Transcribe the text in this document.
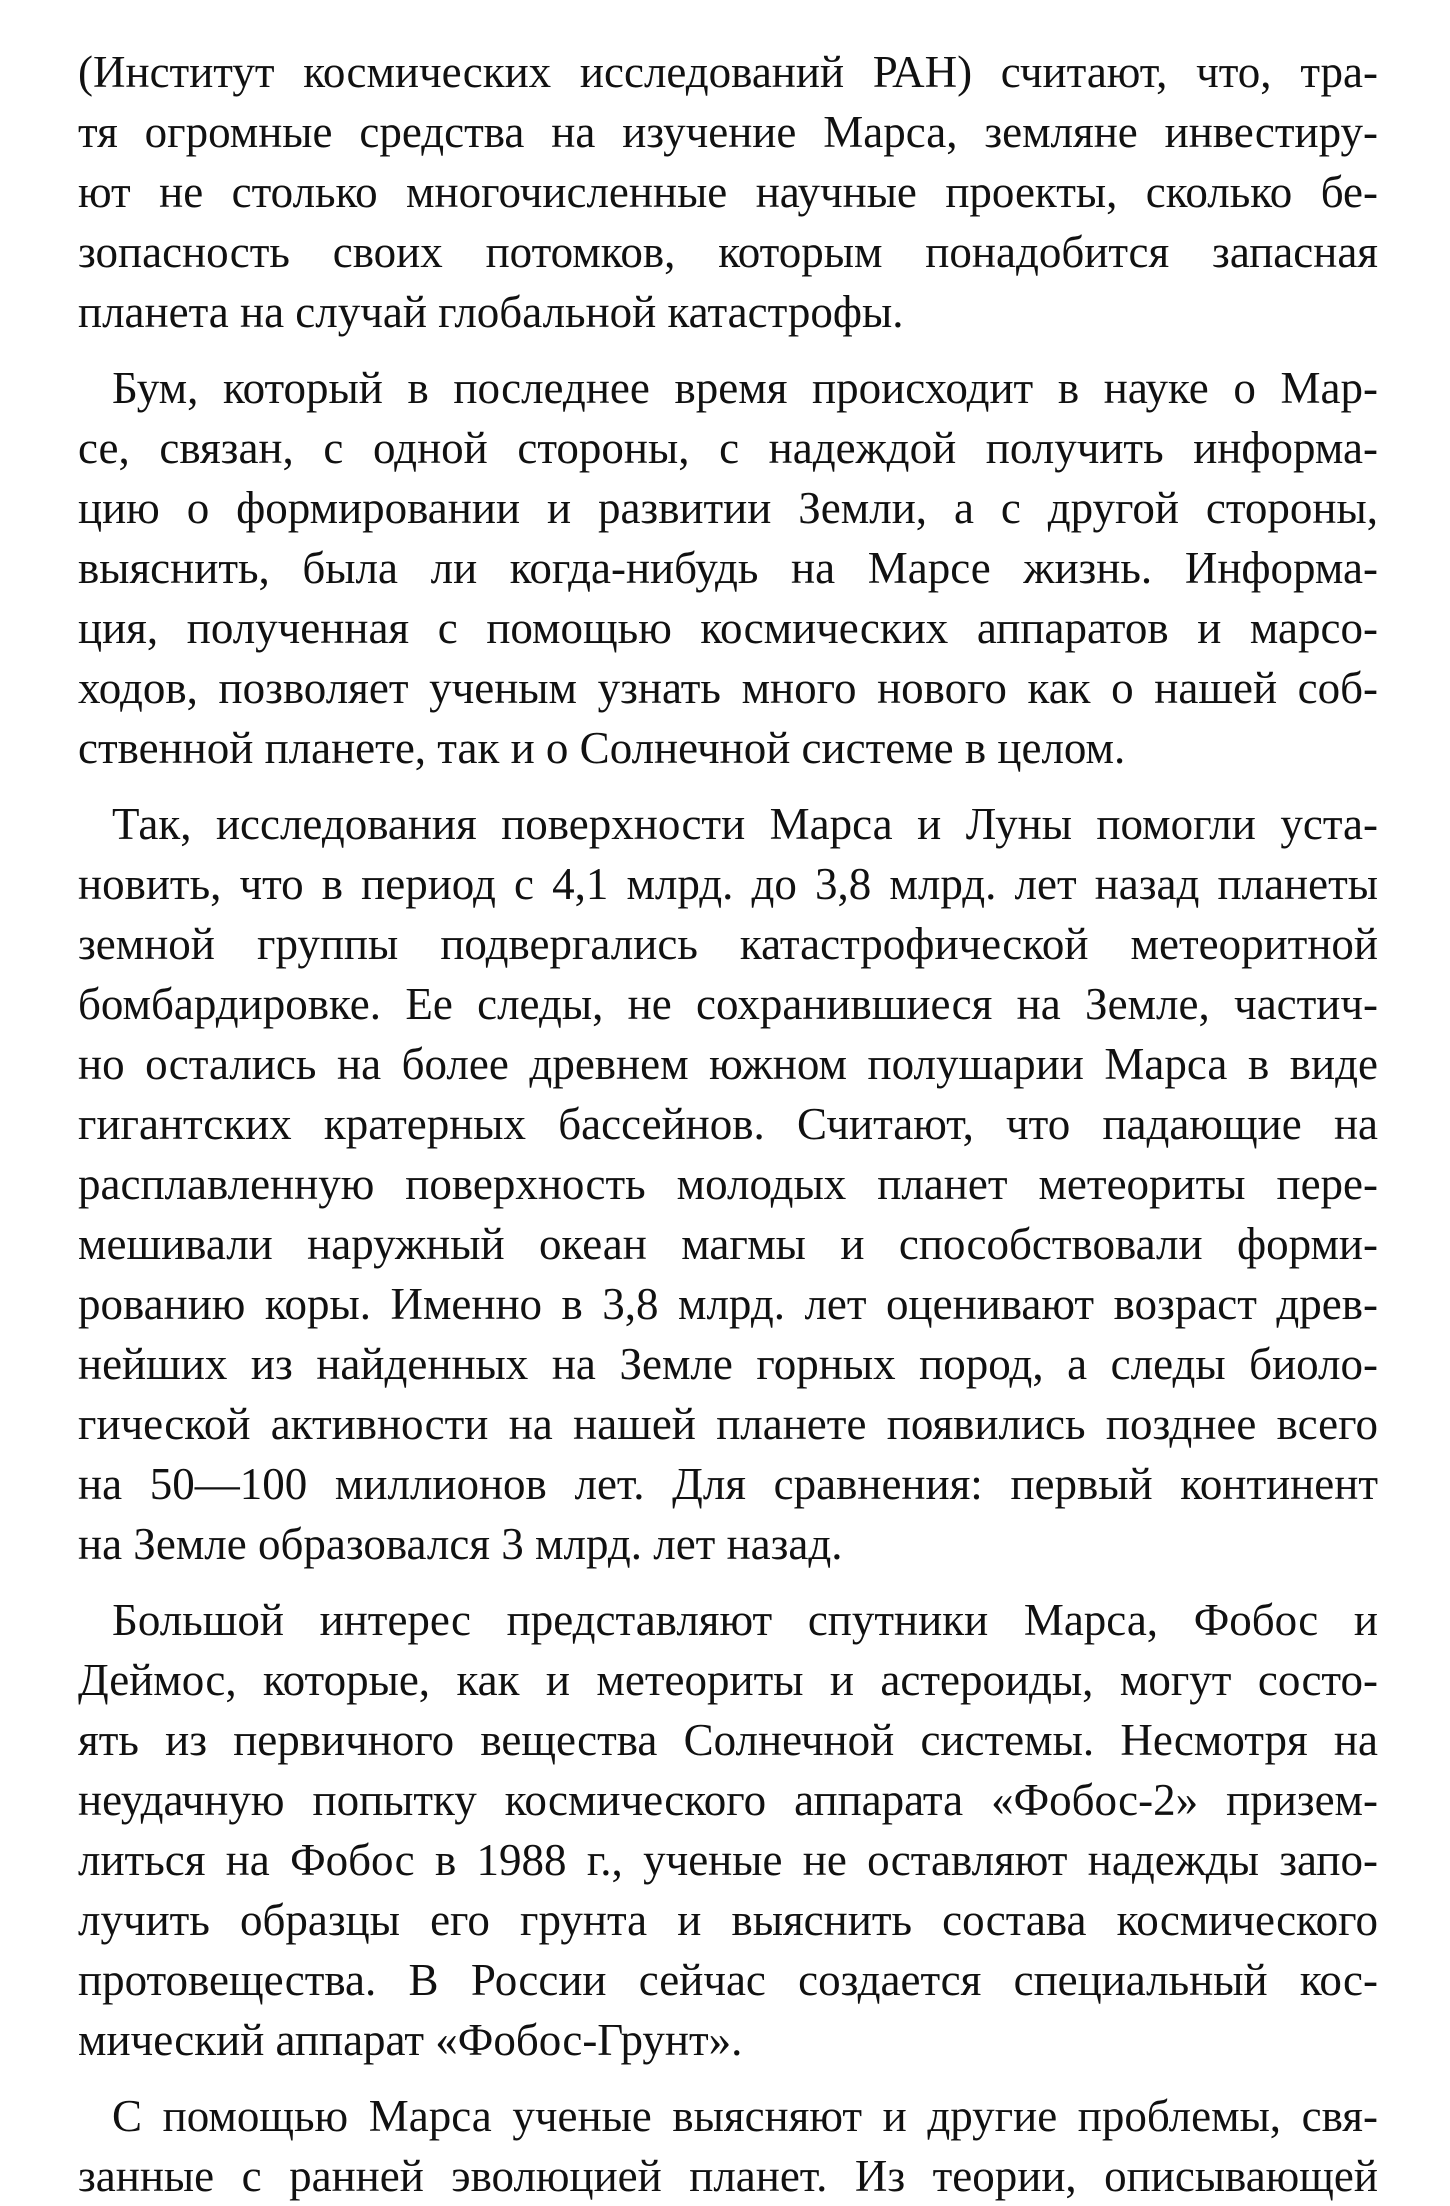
(Институт космических исследований РАН) считают, что, тра-
тя огромные средства на изучение Марса, земляне инвестиру-
ют не столько многочисленные научные проекты, сколько бе-
зопасность своих потомков, которым понадобится запасная
планета на случай глобальной катастрофы.
Бум, который в последнее время происходит в науке о Мар-
се, связан, с одной стороны, с надеждой получить информа-
цию о формировании и развитии Земли, а с другой стороны,
выяснить, была ли когда-нибудь на Марсе жизнь. Информа-
ция, полученная с помощью космических аппаратов и марсо-
ходов, позволяет ученым узнать много нового как о нашей соб-
ственной планете, так и о Солнечной системе в целом.
Так, исследования поверхности Марса и Луны помогли уста-
новить, что в период с 4,1 млрд. до 3,8 млрд. лет назад планеты
земной группы подвергались катастрофической метеоритной
бомбардировке. Ее следы, не сохранившиеся на Земле, частич-
но остались на более древнем южном полушарии Марса в виде
гигантских кратерных бассейнов. Считают, что падающие на
расплавленную поверхность молодых планет метеориты пере-
мешивали наружный океан магмы и способствовали форми-
рованию коры. Именно в 3,8 млрд. лет оценивают возраст древ-
нейших из найденных на Земле горных пород, а следы биоло-
гической активности на нашей планете появились позднее всего
на 50—100 миллионов лет. Для сравнения: первый континент
на Земле образовался 3 млрд. лет назад.
Большой интерес представляют спутники Марса, Фобос и
Деймос, которые, как и метеориты и астероиды, могут состо-
ять из первичного вещества Солнечной системы. Несмотря на
неудачную попытку космического аппарата «Фобос-2» призем-
литься на Фобос в 1988 г., ученые не оставляют надежды запо-
лучить образцы его грунта и выяснить состава космического
протовещества. В России сейчас создается специальный кос-
мический аппарат «Фобос-Грунт».
С помощью Марса ученые выясняют и другие проблемы, свя-
занные с ранней эволюцией планет. Из теории, описывающей
